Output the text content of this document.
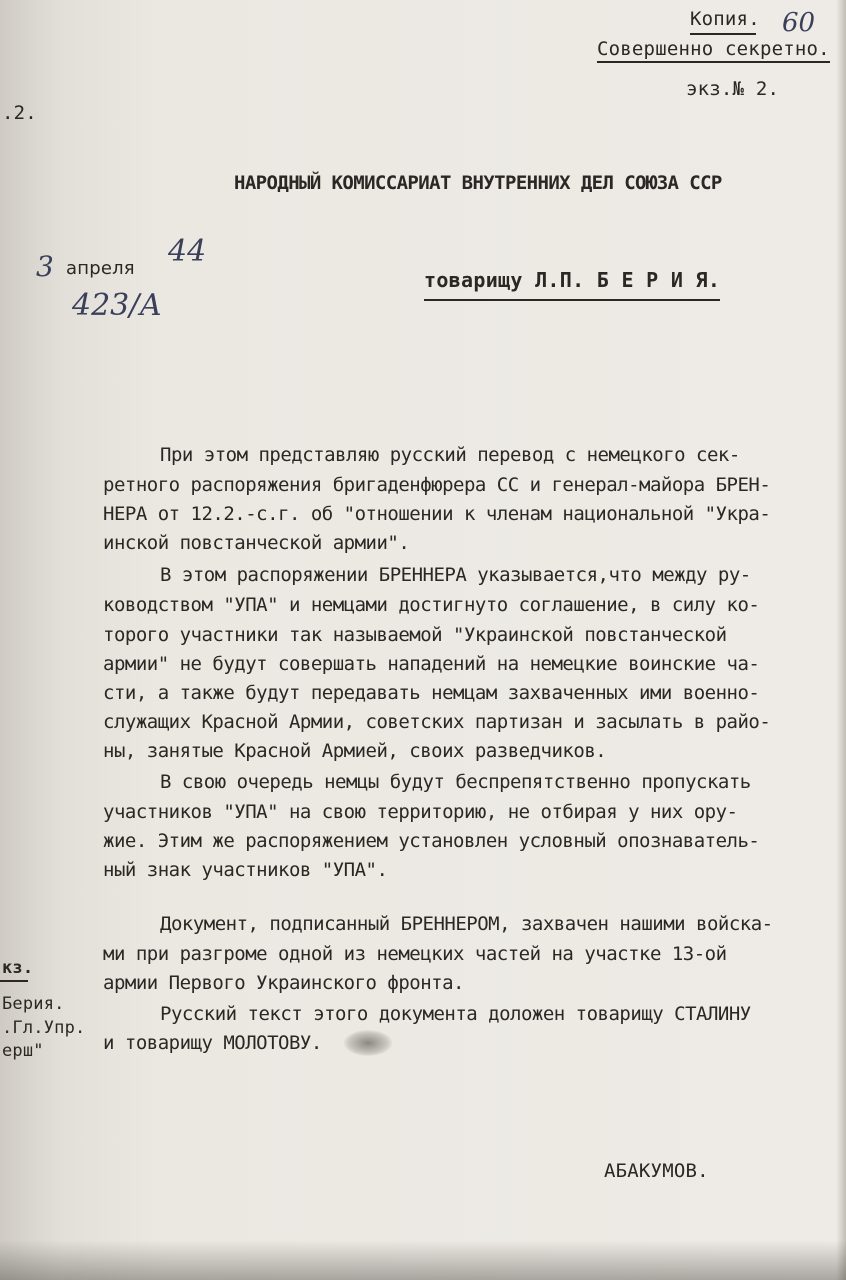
Копия. 60
Совершенно секретно.
экз.№ 2.
.2.
НАРОДНЫЙ КОМИССАРИАТ ВНУТРЕННИХ ДЕЛ СОЮЗА ССР
3 апреля 44
423/А
товарищу Л.П. Б Е Р И Я.
При этом представляю русский перевод с немецкого сек-
ретного распоряжения бригаденфюрера СС и генерал-майора БРЕН-
НЕРА от 12.2.-с.г. об "отношении к членам национальной "Укра-
инской повстанческой армии".
В этом распоряжении БРЕННЕРА указывается,что между ру-
ководством "УПА" и немцами достигнуто соглашение, в силу ко-
торого участники так называемой "Украинской повстанческой
армии" не будут совершать нападений на немецкие воинские ча-
сти, а также будут передавать немцам захваченных ими военно-
служащих Красной Армии, советских партизан и засылать в райо-
ны, занятые Красной Армией, своих разведчиков.
В свою очередь немцы будут беспрепятственно пропускать
участников "УПА" на свою территорию, не отбирая у них ору-
жие. Этим же распоряжением установлен условный опознаватель-
ный знак участников "УПА".
Документ, подписанный БРЕННЕРОМ, захвачен нашими войска-
ми при разгроме одной из немецких частей на участке 13-ой
армии Первого Украинского фронта.
Русский текст этого документа доложен товарищу СТАЛИНУ
и товарищу МОЛОТОВУ.
кз.
Берия.
.Гл.Упр.
ерш"
АБАКУМОВ.
